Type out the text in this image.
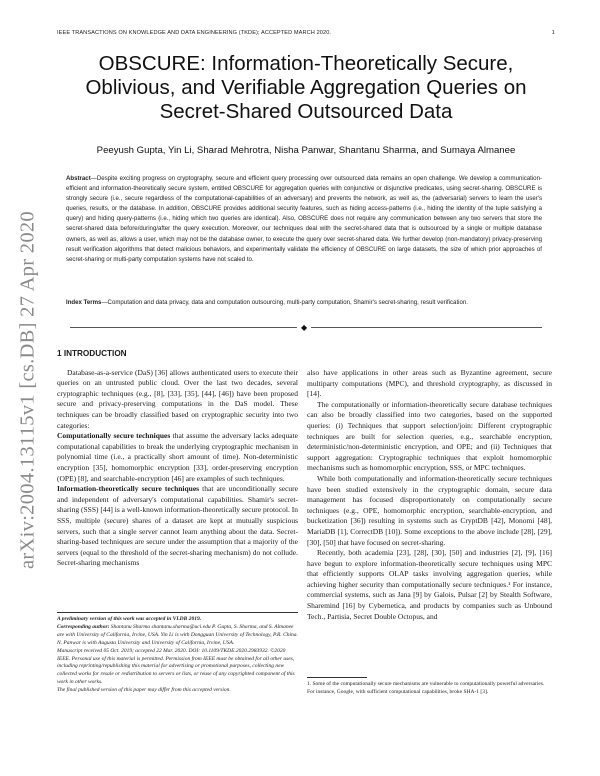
IEEE TRANSACTIONS ON KNOWLEDGE AND DATA ENGINEERING (TKDE); ACCEPTED MARCH 2020.	1
arXiv:2004.13115v1 [cs.DB] 27 Apr 2020
OBSCURE: Information-Theoretically Secure, Oblivious, and Verifiable Aggregation Queries on Secret-Shared Outsourced Data
Peeyush Gupta, Yin Li, Sharad Mehrotra, Nisha Panwar, Shantanu Sharma, and Sumaya Almanee
Abstract—Despite exciting progress on cryptography, secure and efficient query processing over outsourced data remains an open challenge. We develop a communication-efficient and information-theoretically secure system, entitled OBSCURE for aggregation queries with conjunctive or disjunctive predicates, using secret-sharing. OBSCURE is strongly secure (i.e., secure regardless of the computational-capabilities of an adversary) and prevents the network, as well as, the (adversarial) servers to learn the user's queries, results, or the database. In addition, OBSCURE provides additional security features, such as hiding access-patterns (i.e., hiding the identity of the tuple satisfying a query) and hiding query-patterns (i.e., hiding which two queries are identical). Also, OBSCURE does not require any communication between any two servers that store the secret-shared data before/during/after the query execution. Moreover, our techniques deal with the secret-shared data that is outsourced by a single or multiple database owners, as well as, allows a user, which may not be the database owner, to execute the query over secret-shared data. We further develop (non-mandatory) privacy-preserving result verification algorithms that detect malicious behaviors, and experimentally validate the efficiency of OBSCURE on large datasets, the size of which prior approaches of secret-sharing or multi-party computation systems have not scaled to.
Index Terms—Computation and data privacy, data and computation outsourcing, multi-party computation, Shamir's secret-sharing, result verification.
◆
1 INTRODUCTION

Database-as-a-service (DaS) [36] allows authenticated users to execute their queries on an untrusted public cloud. Over the last two decades, several cryptographic techniques (e.g., [8], [33], [35], [44], [46]) have been proposed secure and privacy-preserving computations in the DaS model. These techniques can be broadly classified based on cryptographic security into two categories:

Computationally secure techniques that assume the adversary lacks adequate computational capabilities to break the underlying cryptographic mechanism in polynomial time (i.e., a practically short amount of time). Non-deterministic encryption [35], homomorphic encryption [33], order-preserving encryption (OPE) [8], and searchable-encryption [46] are examples of such techniques.

Information-theoretically secure techniques that are unconditionally secure and independent of adversary's computational capabilities. Shamir's secret-sharing (SSS) [44] is a well-known information-theoretically secure protocol. In SSS, multiple (secure) shares of a dataset are kept at mutually suspicious servers, such that a single server cannot learn anything about the data. Secret-sharing-based techniques are secure under the assumption that a majority of the servers (equal to the threshold of the secret-sharing mechanism) do not collude. Secret-sharing mechanisms

A preliminary version of this work was accepted in VLDB 2019.
Corresponding author: Shantanu Sharma shantanu.sharma@uci.edu P. Gupta, S. Sharma, and S. Almanee are with University of California, Irvine, USA. Yin Li is with Dongguan University of Technology, P.R. China. N. Panwar is with Augusta University and University of California, Irvine, USA.
Manuscript received 05 Oct. 2019; accepted 22 Mar. 2020. DOI: 10.1109/TKDE.2020.2983932. ©2020 IEEE. Personal use of this material is permitted. Permission from IEEE must be obtained for all other uses, including reprinting/republishing this material for advertising or promotional purposes, collecting new collected works for resale or redistribution to servers or lists, or reuse of any copyrighted component of this work in other works.
The final published version of this paper may differ from this accepted version.

also have applications in other areas such as Byzantine agreement, secure multiparty computations (MPC), and threshold cryptography, as discussed in [14].

The computationally or information-theoretically secure database techniques can also be broadly classified into two categories, based on the supported queries: (i) Techniques that support selection/join: Different cryptographic techniques are built for selection queries, e.g., searchable encryption, deterministic/non-deterministic encryption, and OPE; and (ii) Techniques that support aggregation: Cryptographic techniques that exploit homomorphic mechanisms such as homomorphic encryption, SSS, or MPC techniques.

While both computationally and information-theoretically secure techniques have been studied extensively in the cryptographic domain, secure data management has focused disproportionately on computationally secure techniques (e.g., OPE, homomorphic encryption, searchable-encryption, and bucketization [36]) resulting in systems such as CryptDB [42], Monomi [48], MariaDB [1], CorrectDB [10]). Some exceptions to the above include [28], [29], [30], [50] that have focused on secret-sharing.

Recently, both academia [23], [28], [30], [50] and industries [2], [9], [16] have begun to explore information-theoretically secure techniques using MPC that efficiently supports OLAP tasks involving aggregation queries, while achieving higher security than computationally secure techniques.¹ For instance, commercial systems, such as Jana [9] by Galois, Pulsar [2] by Stealth Software, Sharemind [16] by Cybernetica, and products by companies such as Unbound Tech., Partisia, Secret Double Octopus, and

1. Some of the computationally secure mechanisms are vulnerable to computationally powerful adversaries. For instance, Google, with sufficient computational capabilities, broke SHA-1 [3].
